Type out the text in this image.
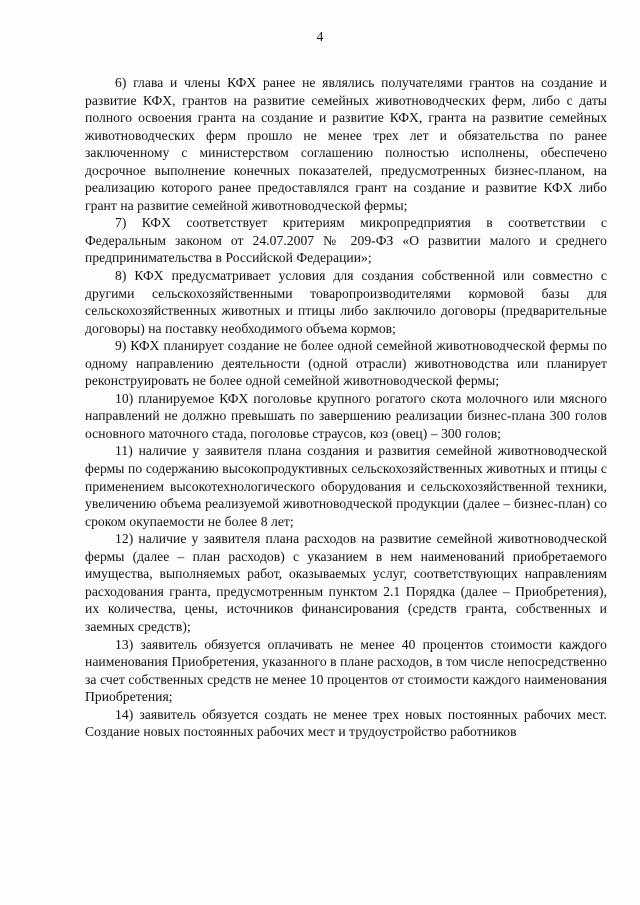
4

6) глава и члены КФХ ранее не являлись получателями грантов на создание и развитие КФХ, грантов на развитие семейных животноводческих ферм, либо с даты полного освоения гранта на создание и развитие КФХ, гранта на развитие семейных животноводческих ферм прошло не менее трех лет и обязательства по ранее заключенному с министерством соглашению полностью исполнены, обеспечено досрочное выполнение конечных показателей, предусмотренных бизнес-планом, на реализацию которого ранее предоставлялся грант на создание и развитие КФХ либо грант на развитие семейной животноводческой фермы;

7) КФХ соответствует критериям микропредприятия в соответствии с Федеральным законом от 24.07.2007 № 209-ФЗ «О развитии малого и среднего предпринимательства в Российской Федерации»;

8) КФХ предусматривает условия для создания собственной или совместно с другими сельскохозяйственными товаропроизводителями кормовой базы для сельскохозяйственных животных и птицы либо заключило договоры (предварительные договоры) на поставку необходимого объема кормов;

9) КФХ планирует создание не более одной семейной животноводческой фермы по одному направлению деятельности (одной отрасли) животноводства или планирует реконструировать не более одной семейной животноводческой фермы;

10) планируемое КФХ поголовье крупного рогатого скота молочного или мясного направлений не должно превышать по завершению реализации бизнес-плана 300 голов основного маточного стада, поголовье страусов, коз (овец) – 300 голов;

11) наличие у заявителя плана создания и развития семейной животноводческой фермы по содержанию высокопродуктивных сельскохозяйственных животных и птицы с применением высокотехнологического оборудования и сельскохозяйственной техники, увеличению объема реализуемой животноводческой продукции (далее – бизнес-план) со сроком окупаемости не более 8 лет;

12) наличие у заявителя плана расходов на развитие семейной животноводческой фермы (далее – план расходов) с указанием в нем наименований приобретаемого имущества, выполняемых работ, оказываемых услуг, соответствующих направлениям расходования гранта, предусмотренным пунктом 2.1 Порядка (далее – Приобретения), их количества, цены, источников финансирования (средств гранта, собственных и заемных средств);

13) заявитель обязуется оплачивать не менее 40 процентов стоимости каждого наименования Приобретения, указанного в плане расходов, в том числе непосредственно за счет собственных средств не менее 10 процентов от стоимости каждого наименования Приобретения;

14) заявитель обязуется создать не менее трех новых постоянных рабочих мест. Создание новых постоянных рабочих мест и трудоустройство работников
